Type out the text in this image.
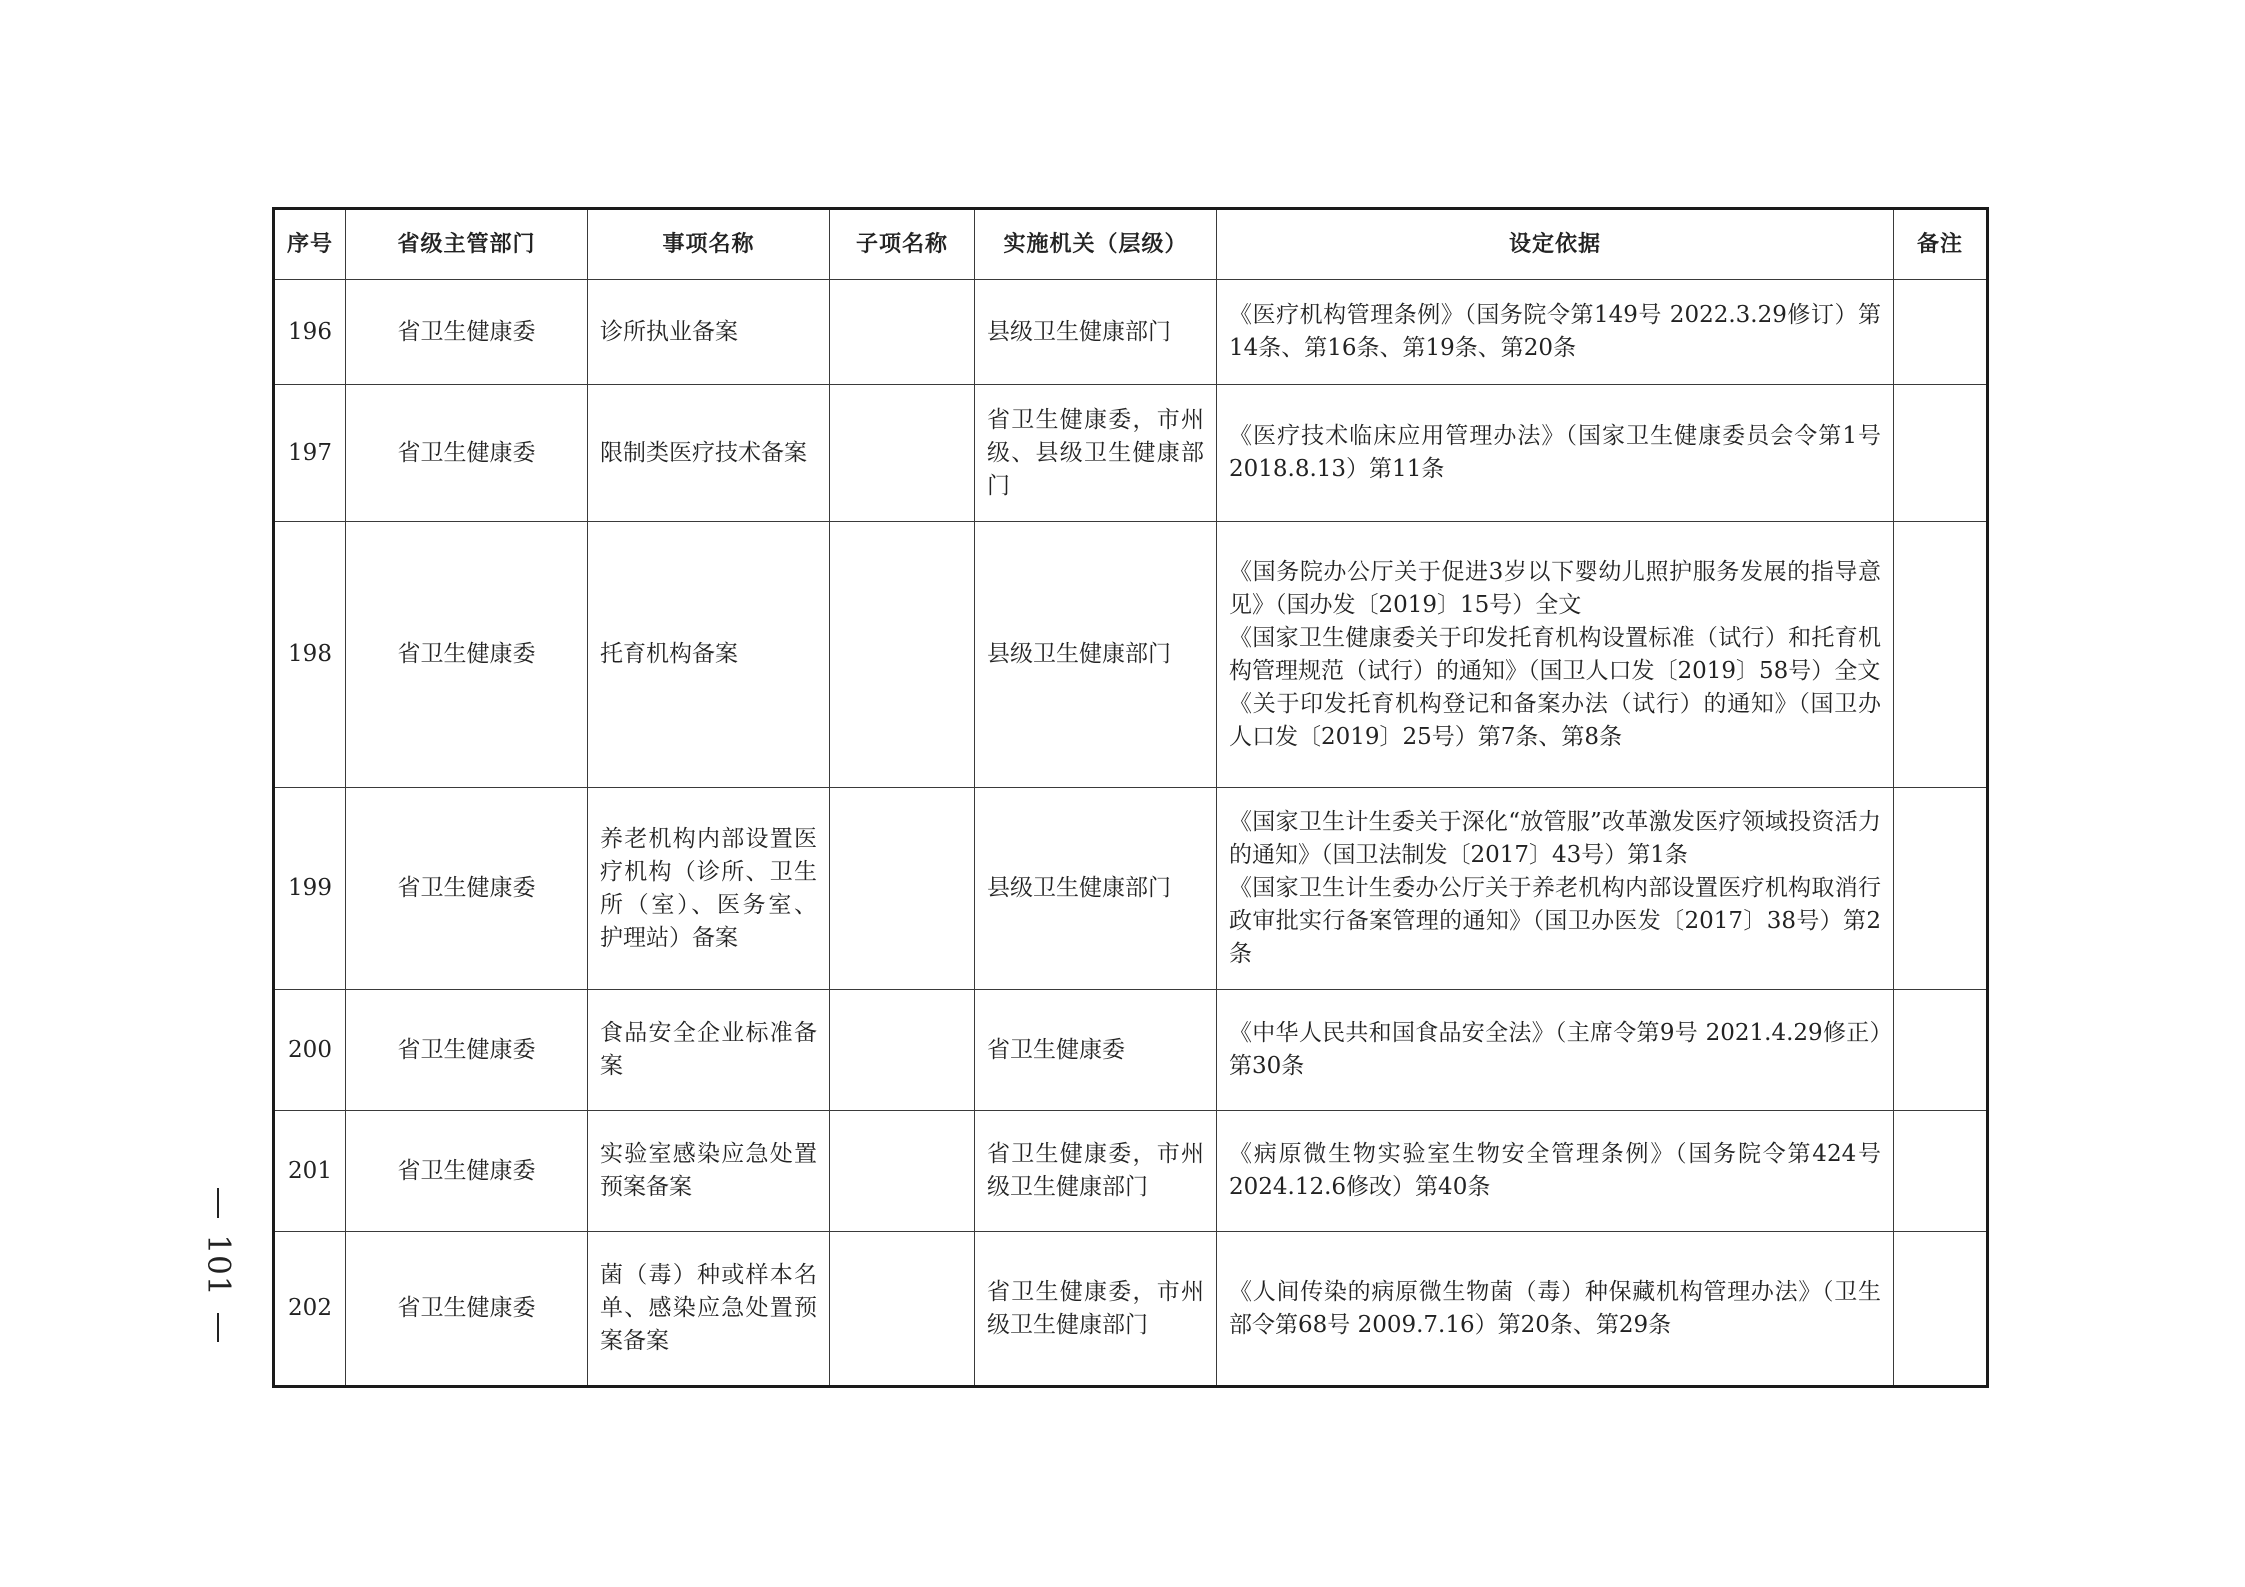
101
序号	省级主管部门	事项名称	子项名称	实施机关（层级）	设定依据	备注
196	省卫生健康委	诊所执业备案		县级卫生健康部门	《医疗机构管理条例》（国务院令第149号 2022.3.29修订）第14条、第16条、第19条、第20条	

197	省卫生健康委	限制类医疗技术备案		省卫生健康委，市州级、县级卫生健康部门	《医疗技术临床应用管理办法》（国家卫生健康委员会令第1号 2018.8.13）第11条	

198	省卫生健康委	托育机构备案		县级卫生健康部门	《国务院办公厅关于促进3岁以下婴幼儿照护服务发展的指导意见》（国办发〔2019〕15号）全文
《国家卫生健康委关于印发托育机构设置标准（试行）和托育机构管理规范（试行）的通知》（国卫人口发〔2019〕58号）全文
《关于印发托育机构登记和备案办法（试行）的通知》（国卫办人口发〔2019〕25号）第7条、第8条	

199	省卫生健康委	养老机构内部设置医疗机构（诊所、卫生所（室）、医务室、护理站）备案		县级卫生健康部门	《国家卫生计生委关于深化“放管服”改革激发医疗领域投资活力的通知》（国卫法制发〔2017〕43号）第1条
《国家卫生计生委办公厅关于养老机构内部设置医疗机构取消行政审批实行备案管理的通知》（国卫办医发〔2017〕38号）第2条	

200	省卫生健康委	食品安全企业标准备案		省卫生健康委	《中华人民共和国食品安全法》（主席令第9号 2021.4.29修正）第30条	

201	省卫生健康委	实验室感染应急处置预案备案		省卫生健康委，市州级卫生健康部门	《病原微生物实验室生物安全管理条例》（国务院令第424号 2024.12.6修改）第40条	

202	省卫生健康委	菌（毒）种或样本名单、感染应急处置预案备案		省卫生健康委，市州级卫生健康部门	《人间传染的病原微生物菌（毒）种保藏机构管理办法》（卫生部令第68号 2009.7.16）第20条、第29条	
